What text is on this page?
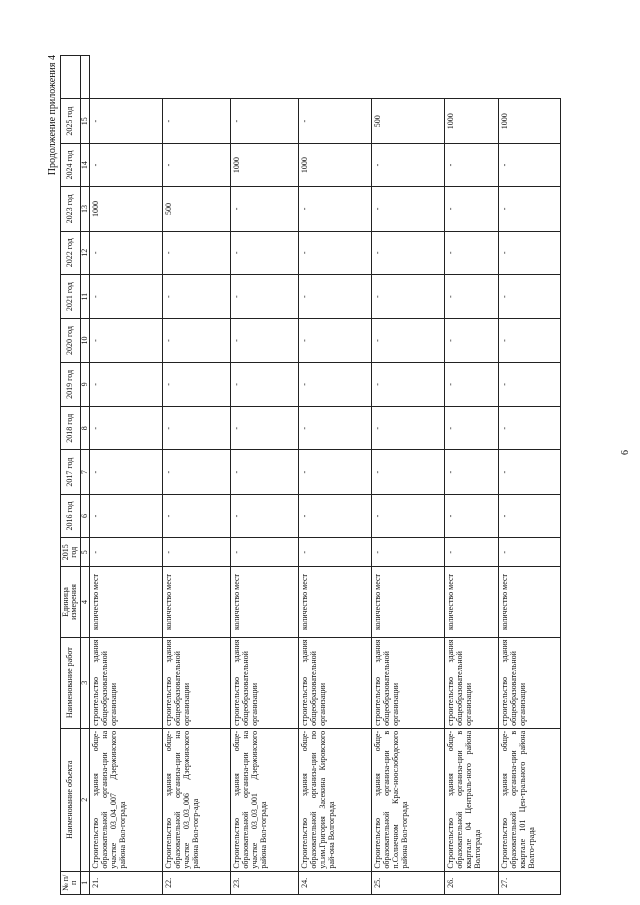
Продолжение приложения 4
№ п/п	Наименование объекта	Наименование работ	Единица измерения	2015 год	2016 год	2017 год	2018 год	2019 год	2020 год	2021 год	2022 год	2023 год	2024 год	2025 год	
1	2	3	4	5	6	7	8	9	10	11	12	13	14	15	
21.	Строительство здания обще-образовательной организа-ции на участке 03_04_007 Дзержинского района Вол-гограда	строительство здания общеобразовательной организации	количество мест	-	-	-	-	-	-	-	-	1000	-	-	
22.	Строительство здания обще-образовательной организа-ции на участке 03_03_006 Дзержинского района Вол-гогр-ада	строительство здания общеобразовательной организации	количество мест	-	-	-	-	-	-	-	-	500	-	-	
23.	Строительство здания обще-образовательной организа-ции на участке 03_03_001 Дзержинского района Вол-гограда	строительство здания общеобразовательной организации	количество мест	-	-	-	-	-	-	-	-	-	1000	-	
24.	Строительство здания обще-образовательной организа-ции по ул.им.Григория Засекина Кировского рай-она Волгограда	строительство здания общеобразовательной организации	количество мест	-	-	-	-	-	-	-	-	-	1000	-	
25.	Строительство здания обще-образовательной организа-ции в п.Солнечном Крас-ноослободского района Вол-гограда	строительство здания общеобразовательной организации	количество мест	-	-	-	-	-	-	-	-	-	-	500	
26.	Строительство здания обще-образовательной организа-ции в квартале 04 Централь-ного района Волгограда	строительство здания общеобразовательной организации	количество мест	-	-	-	-	-	-	-	-	-	-	1000	
27.	Строительство здания обще-образовательной организа-ции в квартале 101 Цен-трального района Волго-града	строительство здания общеобразовательной организации	количество мест	-	-	-	-	-	-	-	-	-	-	1000	
6
